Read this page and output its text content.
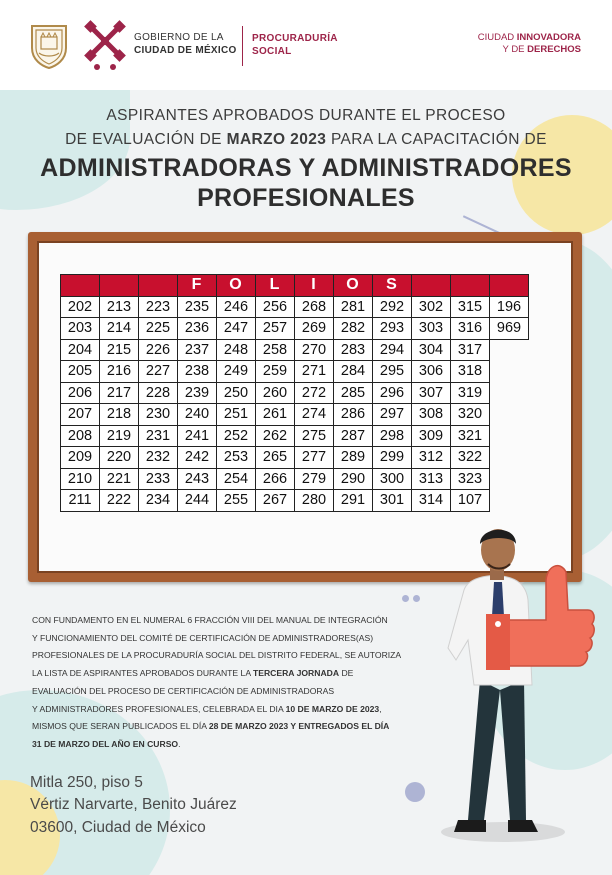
GOBIERNO DE LA
CIUDAD DE MÉXICO
PROCURADURÍA
SOCIAL
CIUDAD INNOVADORA
Y DE DERECHOS
ASPIRANTES APROBADOS DURANTE EL PROCESO
DE EVALUACIÓN DE MARZO 2023 PARA LA CAPACITACIÓN DE
ADMINISTRADORAS Y ADMINISTRADORES
PROFESIONALES
			F	O	L	I	O	S			
202	213	223	235	246	256	268	281	292	302	315	196
203	214	225	236	247	257	269	282	293	303	316	969
204	215	226	237	248	258	270	283	294	304	317	
205	216	227	238	249	259	271	284	295	306	318	
206	217	228	239	250	260	272	285	296	307	319	
207	218	230	240	251	261	274	286	297	308	320	
208	219	231	241	252	262	275	287	298	309	321	
209	220	232	242	253	265	277	289	299	312	322	
210	221	233	243	254	266	279	290	300	313	323	
211	222	234	244	255	267	280	291	301	314	107	
CON FUNDAMENTO EN EL NUMERAL 6 FRACCIÓN VIII DEL MANUAL DE INTEGRACIÓN
Y FUNCIONAMIENTO DEL COMITÉ DE CERTIFICACIÓN DE ADMINISTRADORES(AS)
PROFESIONALES DE LA PROCURADURÍA SOCIAL DEL DISTRITO FEDERAL, SE AUTORIZA
LA LISTA DE ASPIRANTES APROBADOS DURANTE LA TERCERA JORNADA DE
EVALUACIÓN DEL PROCESO DE CERTIFICACIÓN DE ADMINISTRADORAS
Y ADMINISTRADORES PROFESIONALES, CELEBRADA EL DIA 10 DE MARZO DE 2023,
MISMOS QUE SERAN PUBLICADOS EL DÍA 28 DE MARZO 2023 Y ENTREGADOS EL DÍA
31 DE MARZO DEL AÑO EN CURSO.
Mitla 250, piso 5
Vértiz Narvarte, Benito Juárez
03600, Ciudad de México
